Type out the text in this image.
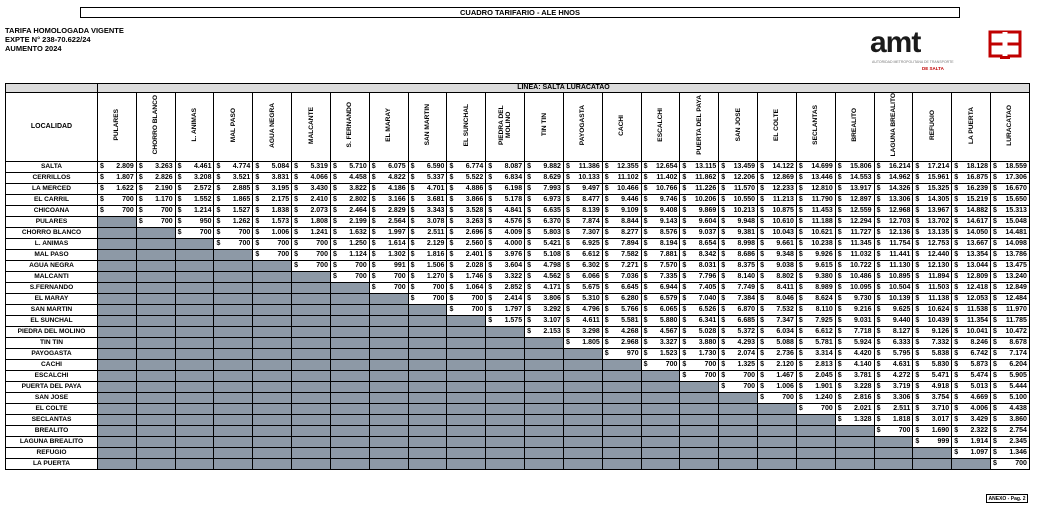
CUADRO TARIFARIO - ALE HNOS
TARIFA HOMOLOGADA VIGENTE
EXPTE N° 238-70.622/24
AUMENTO 2024	amt
AUTORIDAD METROPOLITANA DE TRANSPORTE
DE SALTA
	LINEA: SALTA LURACATAO																							
LOCALIDAD	PULARES	CHORRO BLANCO	L. ANIMAS	MAL PASO	AGUA NEGRA	MALCANTE	S. FERNANDO	EL MARAY	SAN MARTIN	EL SUNCHAL	PIEDRA DEL MOLINO	TIN TIN	PAYOGASTA	CACHI	ESCALCHI	PUERTA DEL PAYA	SAN JOSE	EL COLTE	SECLANTAS	BREALITO	LAGUNA BREALITO	REFUGIO	LA PUERTA	LURACATAO
SALTA	$ 2.809	$ 3.263	$ 4.461	$ 4.774	$ 5.084	$ 5.319	$ 5.710	$ 6.075	$ 6.590	$ 6.774	$ 8.087	$ 9.882	$ 11.386	$ 12.355	$ 12.654	$ 13.115	$ 13.459	$ 14.122	$ 14.699	$ 15.806	$ 16.214	$ 17.214	$ 18.128	$ 18.559

CERRILLOS	$ 1.807	$ 2.826	$ 3.208	$ 3.521	$ 3.831	$ 4.066	$ 4.458	$ 4.822	$ 5.337	$ 5.522	$ 6.834	$ 8.629	$ 10.133	$ 11.102	$ 11.402	$ 11.862	$ 12.206	$ 12.869	$ 13.446	$ 14.553	$ 14.962	$ 15.961	$ 16.875	$ 17.306

LA MERCED	$ 1.622	$ 2.190	$ 2.572	$ 2.885	$ 3.195	$ 3.430	$ 3.822	$ 4.186	$ 4.701	$ 4.886	$ 6.198	$ 7.993	$ 9.497	$ 10.466	$ 10.766	$ 11.226	$ 11.570	$ 12.233	$ 12.810	$ 13.917	$ 14.326	$ 15.325	$ 16.239	$ 16.670

EL CARRIL	$ 700	$ 1.170	$ 1.552	$ 1.865	$ 2.175	$ 2.410	$ 2.802	$ 3.166	$ 3.681	$ 3.866	$ 5.178	$ 6.973	$ 8.477	$ 9.446	$ 9.746	$ 10.206	$ 10.550	$ 11.213	$ 11.790	$ 12.897	$ 13.306	$ 14.305	$ 15.219	$ 15.650

CHICOANA	$ 700	$ 700	$ 1.214	$ 1.527	$ 1.838	$ 2.073	$ 2.464	$ 2.829	$ 3.343	$ 3.528	$ 4.841	$ 6.635	$ 8.139	$ 9.109	$ 9.408	$ 9.869	$ 10.213	$ 10.875	$ 11.453	$ 12.559	$ 12.968	$ 13.967	$ 14.882	$ 15.313

PULARES		$ 700	$ 950	$ 1.262	$ 1.573	$ 1.808	$ 2.199	$ 2.564	$ 3.078	$ 3.263	$ 4.576	$ 6.370	$ 7.874	$ 8.844	$ 9.143	$ 9.604	$ 9.948	$ 10.610	$ 11.188	$ 12.294	$ 12.703	$ 13.702	$ 14.617	$ 15.048

CHORRO BLANCO			$ 700	$ 700	$ 1.006	$ 1.241	$ 1.632	$ 1.997	$ 2.511	$ 2.696	$ 4.009	$ 5.803	$ 7.307	$ 8.277	$ 8.576	$ 9.037	$ 9.381	$ 10.043	$ 10.621	$ 11.727	$ 12.136	$ 13.135	$ 14.050	$ 14.481

L. ANIMAS				$ 700	$ 700	$ 700	$ 1.250	$ 1.614	$ 2.129	$ 2.560	$ 4.000	$ 5.421	$ 6.925	$ 7.894	$ 8.194	$ 8.654	$ 8.998	$ 9.661	$ 10.238	$ 11.345	$ 11.754	$ 12.753	$ 13.667	$ 14.098

MAL PASO					$ 700	$ 700	$ 1.124	$ 1.302	$ 1.816	$ 2.401	$ 3.976	$ 5.108	$ 6.612	$ 7.582	$ 7.881	$ 8.342	$ 8.686	$ 9.348	$ 9.926	$ 11.032	$ 11.441	$ 12.440	$ 13.354	$ 13.786

AGUA NEGRA						$ 700	$ 700	$ 991	$ 1.506	$ 2.028	$ 3.604	$ 4.798	$ 6.302	$ 7.271	$ 7.570	$ 8.031	$ 8.375	$ 9.038	$ 9.615	$ 10.722	$ 11.130	$ 12.130	$ 13.044	$ 13.475

MALCANTI							$ 700	$ 700	$ 1.270	$ 1.746	$ 3.322	$ 4.562	$ 6.066	$ 7.036	$ 7.335	$ 7.796	$ 8.140	$ 8.802	$ 9.380	$ 10.486	$ 10.895	$ 11.894	$ 12.809	$ 13.240

S.FERNANDO								$ 700	$ 700	$ 1.064	$ 2.852	$ 4.171	$ 5.675	$ 6.645	$ 6.944	$ 7.405	$ 7.749	$ 8.411	$ 8.989	$ 10.095	$ 10.504	$ 11.503	$ 12.418	$ 12.849

EL MARAY									$ 700	$ 700	$ 2.414	$ 3.806	$ 5.310	$ 6.280	$ 6.579	$ 7.040	$ 7.384	$ 8.046	$ 8.624	$ 9.730	$ 10.139	$ 11.138	$ 12.053	$ 12.484

SAN MARTIN										$ 700	$ 1.797	$ 3.292	$ 4.796	$ 5.766	$ 6.065	$ 6.526	$ 6.870	$ 7.532	$ 8.110	$ 9.216	$ 9.625	$ 10.624	$ 11.538	$ 11.970

EL SUNCHAL											$ 1.575	$ 3.107	$ 4.611	$ 5.581	$ 5.880	$ 6.341	$ 6.685	$ 7.347	$ 7.925	$ 9.031	$ 9.440	$ 10.439	$ 11.354	$ 11.785

PIEDRA DEL MOLINO												$ 2.153	$ 3.298	$ 4.268	$ 4.567	$ 5.028	$ 5.372	$ 6.034	$ 6.612	$ 7.718	$ 8.127	$ 9.126	$ 10.041	$ 10.472

TIN TIN													$ 1.805	$ 2.968	$ 3.327	$ 3.880	$ 4.293	$ 5.088	$ 5.781	$ 5.924	$ 6.333	$ 7.332	$ 8.246	$ 8.678

PAYOGASTA														$ 970	$ 1.523	$ 1.730	$ 2.074	$ 2.736	$ 3.314	$ 4.420	$ 5.795	$ 5.838	$ 6.742	$ 7.174

CACHI															$ 700	$ 700	$ 1.325	$ 2.120	$ 2.813	$ 4.140	$ 4.631	$ 5.830	$ 5.873	$ 6.204

ESCALCHI																$ 700	$ 700	$ 1.467	$ 2.045	$ 3.781	$ 4.272	$ 5.471	$ 5.474	$ 5.905

PUERTA DEL PAYA																	$ 700	$ 1.006	$ 1.901	$ 3.228	$ 3.719	$ 4.918	$ 5.013	$ 5.444

SAN JOSE																		$ 700	$ 1.240	$ 2.816	$ 3.306	$ 3.754	$ 4.669	$ 5.100

EL COLTE																			$ 700	$ 2.021	$ 2.511	$ 3.710	$ 4.006	$ 4.438

SECLANTAS																				$ 1.328	$ 1.818	$ 3.017	$ 3.429	$ 3.860

BREALITO																					$ 700	$ 1.690	$ 2.322	$ 2.754

LAGUNA BREALITO																						$ 999	$ 1.914	$ 2.345

REFUGIO																							$ 1.097	$ 1.346

LA PUERTA																								$ 700
ANEXO - Pag. 2
